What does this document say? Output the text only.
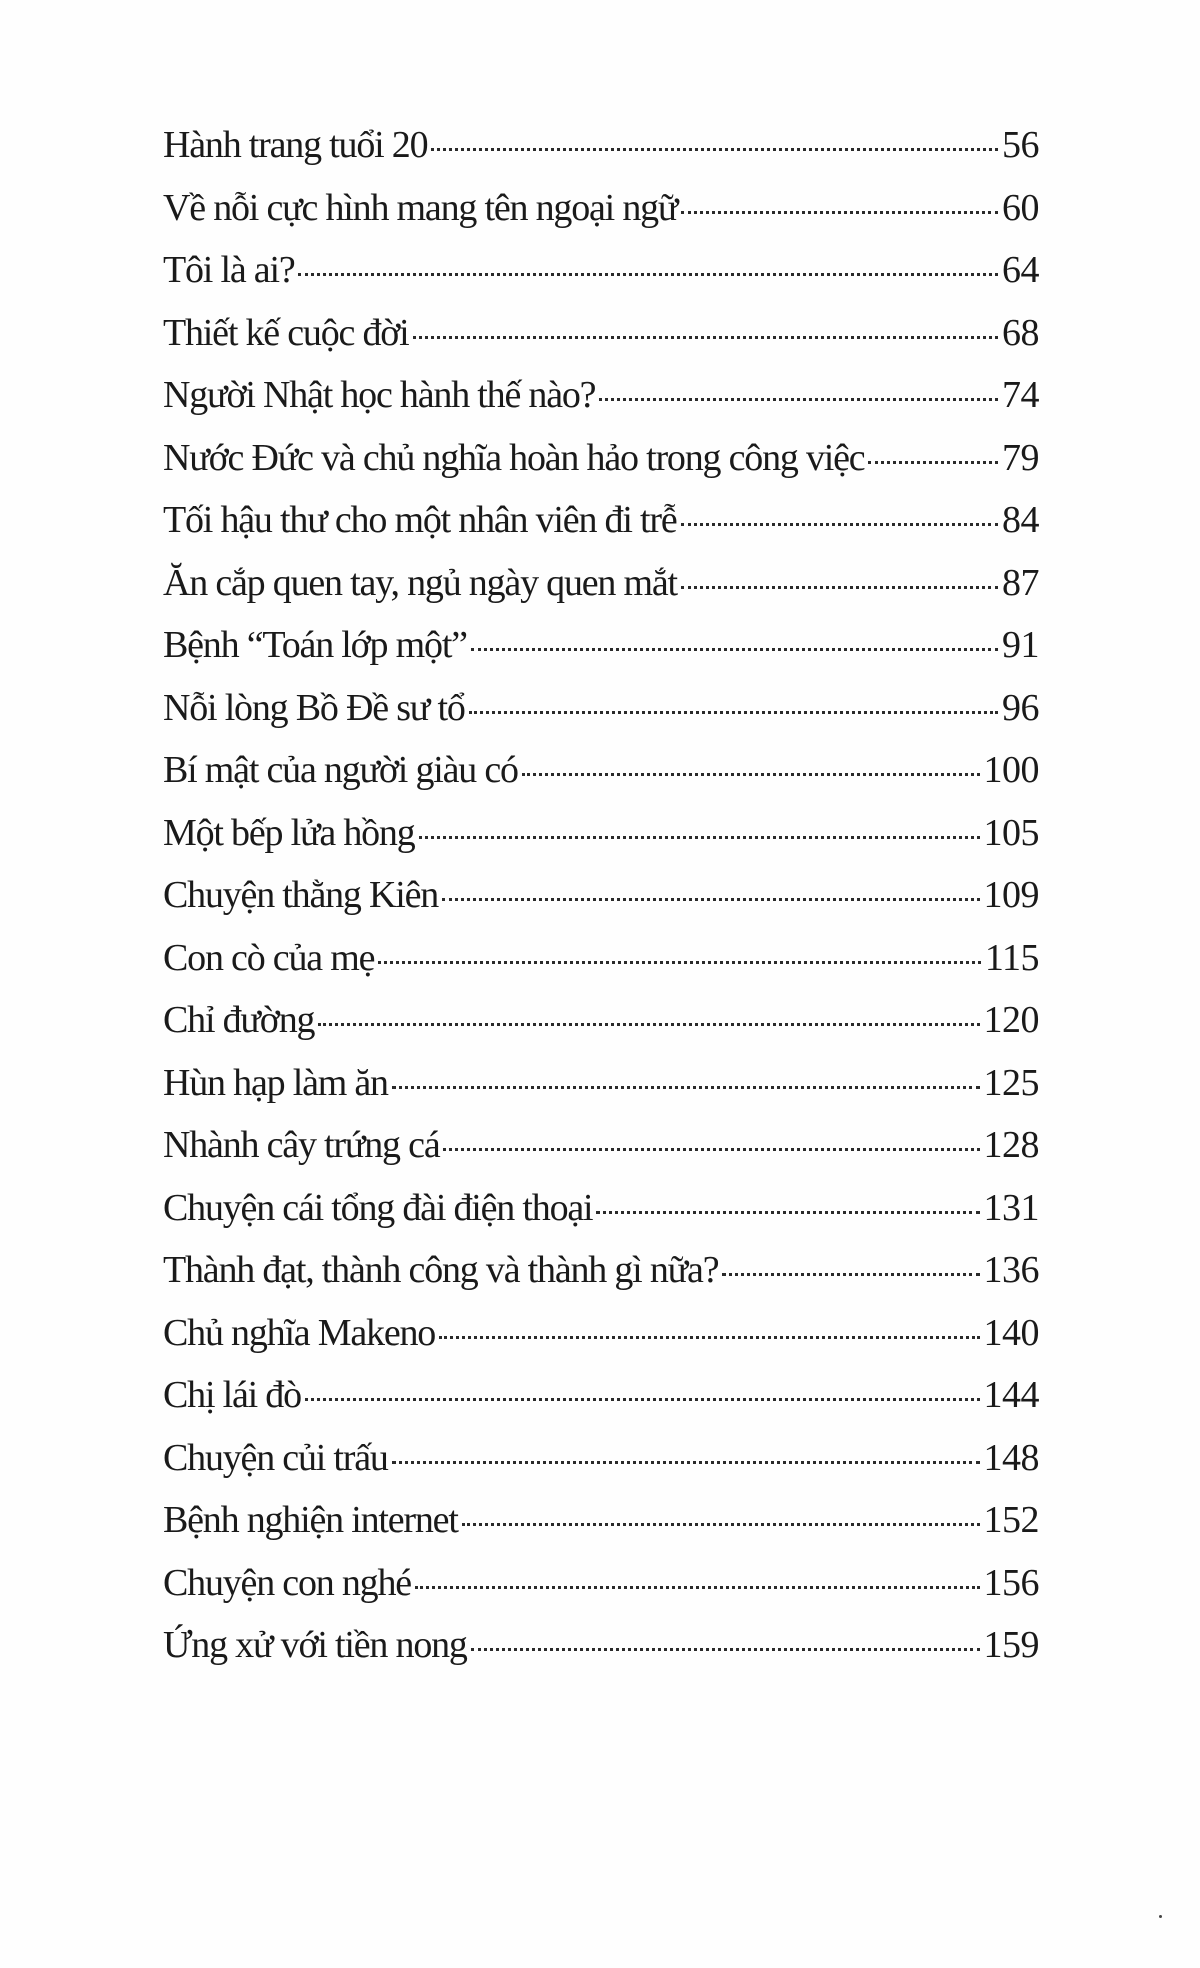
Hành trang tuổi 20	56
Về nỗi cực hình mang tên ngoại ngữ	60
Tôi là ai?	64
Thiết kế cuộc đời	68
Người Nhật học hành thế nào?	74
Nước Đức và chủ nghĩa hoàn hảo trong công việc	79
Tối hậu thư cho một nhân viên đi trễ	84
Ăn cắp quen tay, ngủ ngày quen mắt	87
Bệnh “Toán lớp một”	91
Nỗi lòng Bồ Đề sư tổ	96
Bí mật của người giàu có	100
Một bếp lửa hồng	105
Chuyện thằng Kiên	109
Con cò của mẹ	115
Chỉ đường	120
Hùn hạp làm ăn	125
Nhành cây trứng cá	128
Chuyện cái tổng đài điện thoại	131
Thành đạt, thành công và thành gì nữa?	136
Chủ nghĩa Makeno	140
Chị lái đò	144
Chuyện củi trấu	148
Bệnh nghiện internet	152
Chuyện con nghé	156
Ứng xử với tiền nong	159
